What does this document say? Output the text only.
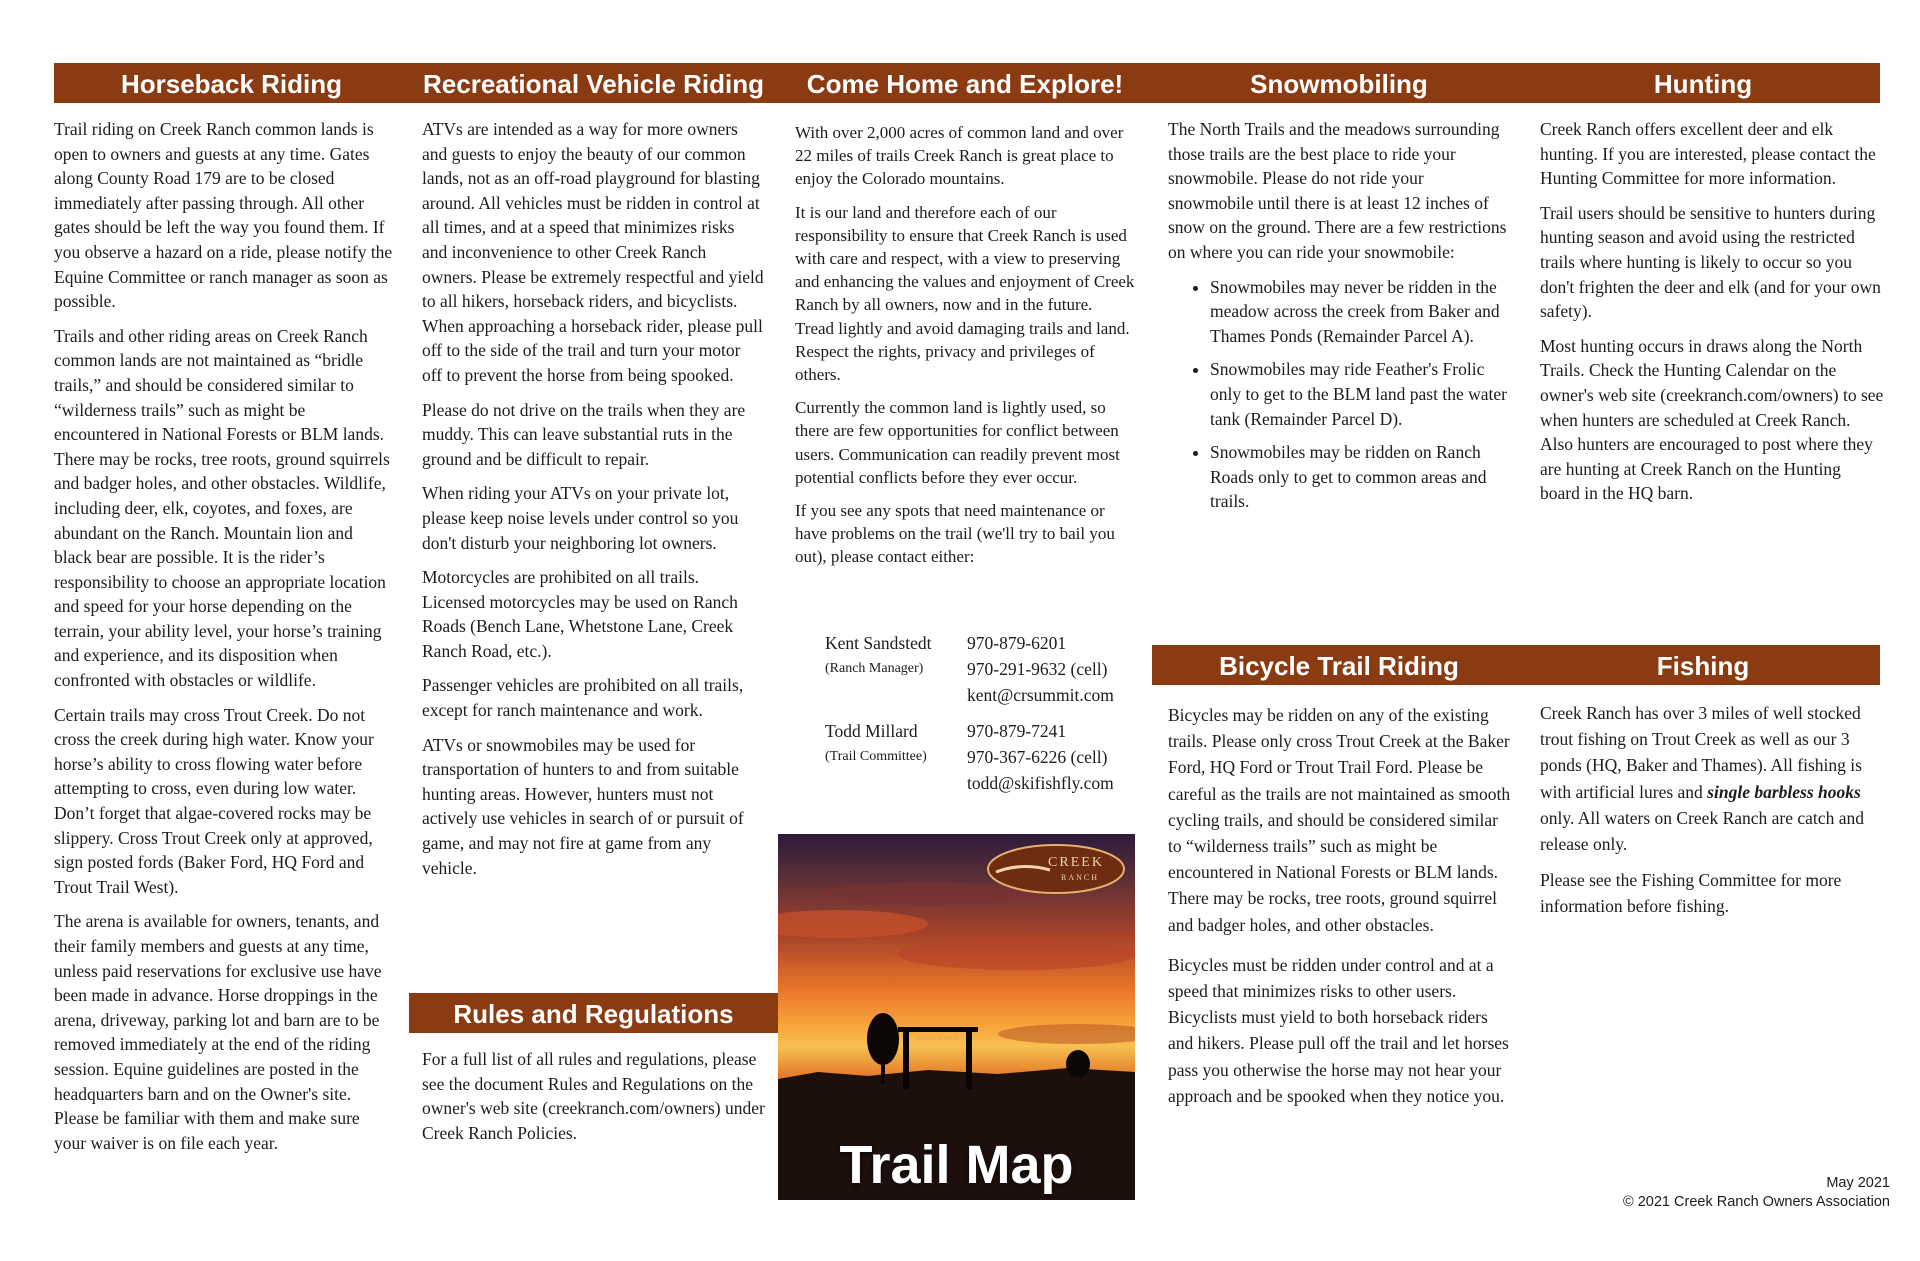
Horseback Riding	Recreational Vehicle Riding	Come Home and Explore!	Snowmobiling	Hunting

Trail riding on Creek Ranch common lands is open to owners and guests at any time. Gates along County Road 179 are to be closed immediately after passing through. All other gates should be left the way you found them. If you observe a hazard on a ride, please notify the Equine Committee or ranch manager as soon as possible.

Trails and other riding areas on Creek Ranch common lands are not maintained as “bridle trails,” and should be considered similar to “wilderness trails” such as might be encountered in National Forests or BLM lands. There may be rocks, tree roots, ground squirrels and badger holes, and other obstacles. Wildlife, including deer, elk, coyotes, and foxes, are abundant on the Ranch. Mountain lion and black bear are possible. It is the rider’s responsibility to choose an appropriate location and speed for your horse depending on the terrain, your ability level, your horse’s training and experience, and its disposition when confronted with obstacles or wildlife.

Certain trails may cross Trout Creek. Do not cross the creek during high water. Know your horse’s ability to cross flowing water before attempting to cross, even during low water. Don’t forget that algae-covered rocks may be slippery. Cross Trout Creek only at approved, sign posted fords (Baker Ford, HQ Ford and Trout Trail West).

The arena is available for owners, tenants, and their family members and guests at any time, unless paid reservations for exclusive use have been made in advance. Horse droppings in the arena, driveway, parking lot and barn are to be removed immediately at the end of the riding session. Equine guidelines are posted in the headquarters barn and on the Owner's site. Please be familiar with them and make sure your waiver is on file each year.

ATVs are intended as a way for more owners and guests to enjoy the beauty of our common lands, not as an off-road playground for blasting around. All vehicles must be ridden in control at all times, and at a speed that minimizes risks and inconvenience to other Creek Ranch owners. Please be extremely respectful and yield to all hikers, horseback riders, and bicyclists. When approaching a horseback rider, please pull off to the side of the trail and turn your motor off to prevent the horse from being spooked.

Please do not drive on the trails when they are muddy. This can leave substantial ruts in the ground and be difficult to repair.

When riding your ATVs on your private lot, please keep noise levels under control so you don't disturb your neighboring lot owners.

Motorcycles are prohibited on all trails. Licensed motorcycles may be used on Ranch Roads (Bench Lane, Whetstone Lane, Creek Ranch Road, etc.).

Passenger vehicles are prohibited on all trails, except for ranch maintenance and work.

ATVs or snowmobiles may be used for transportation of hunters to and from suitable hunting areas. However, hunters must not actively use vehicles in search of or pursuit of game, and may not fire at game from any vehicle.

Rules and Regulations

For a full list of all rules and regulations, please see the document Rules and Regulations on the owner's web site (creekranch.com/owners) under Creek Ranch Policies.

With over 2,000 acres of common land and over 22 miles of trails Creek Ranch is great place to enjoy the Colorado mountains.

It is our land and therefore each of our responsibility to ensure that Creek Ranch is used with care and respect, with a view to preserving and enhancing the values and enjoyment of Creek Ranch by all owners, now and in the future. Tread lightly and avoid damaging trails and land. Respect the rights, privacy and privileges of others.

Currently the common land is lightly used, so there are few opportunities for conflict between users. Communication can readily prevent most potential conflicts before they ever occur.

If you see any spots that need maintenance or have problems on the trail (we'll try to bail you out), please contact either:

Kent Sandstedt
(Ranch Manager)
970-879-6201
970-291-9632 (cell)
kent@crsummit.com
Todd Millard
(Trail Committee)
970-879-7241
970-367-6226 (cell)
todd@skifishfly.com
CREEK RANCH
CREEK
RANCH
Trail Map

The North Trails and the meadows surrounding those trails are the best place to ride your snowmobile. Please do not ride your snowmobile until there is at least 12 inches of snow on the ground. There are a few restrictions on where you can ride your snowmobile:

• Snowmobiles may never be ridden in the meadow across the creek from Baker and Thames Ponds (Remainder Parcel A).
• Snowmobiles may ride Feather's Frolic only to get to the BLM land past the water tank (Remainder Parcel D).
• Snowmobiles may be ridden on Ranch Roads only to get to common areas and trails.
Bicycle Trail Riding

Bicycles may be ridden on any of the existing trails. Please only cross Trout Creek at the Baker Ford, HQ Ford or Trout Trail Ford. Please be careful as the trails are not maintained as smooth cycling trails, and should be considered similar to “wilderness trails” such as might be encountered in National Forests or BLM lands. There may be rocks, tree roots, ground squirrel and badger holes, and other obstacles.

Bicycles must be ridden under control and at a speed that minimizes risks to other users. Bicyclists must yield to both horseback riders and hikers. Please pull off the trail and let horses pass you otherwise the horse may not hear your approach and be spooked when they notice you.

Creek Ranch offers excellent deer and elk hunting. If you are interested, please contact the Hunting Committee for more information.

Trail users should be sensitive to hunters during hunting season and avoid using the restricted trails where hunting is likely to occur so you don't frighten the deer and elk (and for your own safety).

Most hunting occurs in draws along the North Trails. Check the Hunting Calendar on the owner's web site (creekranch.com/owners) to see when hunters are scheduled at Creek Ranch. Also hunters are encouraged to post where they are hunting at Creek Ranch on the Hunting board in the HQ barn.

Fishing

Creek Ranch has over 3 miles of well stocked trout fishing on Trout Creek as well as our 3 ponds (HQ, Baker and Thames). All fishing is with artificial lures and single barbless hooks only. All waters on Creek Ranch are catch and release only.

Please see the Fishing Committee for more information before fishing.

May 2021
© 2021 Creek Ranch Owners Association
